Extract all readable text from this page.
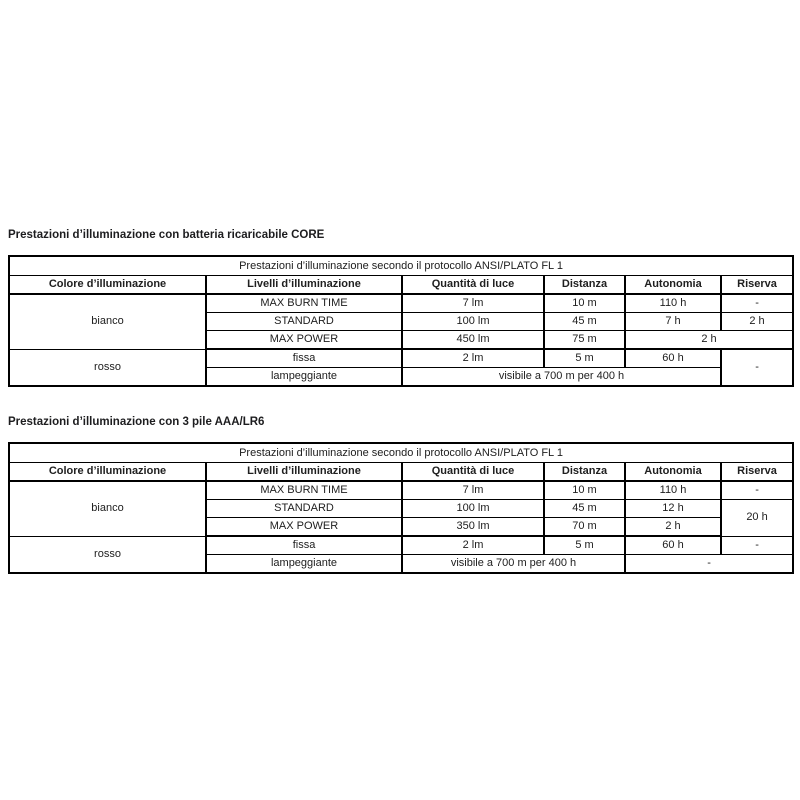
Prestazioni d’illuminazione con batteria ricaricabile CORE
Prestazioni d’illuminazione secondo il protocollo ANSI/PLATO FL 1					
Colore d’illuminazione	Livelli d’illuminazione	Quantità di luce	Distanza	Autonomia	Riserva
bianco	MAX BURN TIME	7 lm	10 m	110 h	-
	STANDARD	100 lm	45 m	7 h	2 h
	MAX POWER	450 lm	75 m	2 h	
rosso	fissa	2 lm	5 m	60 h	-
	lampeggiante	visibile a 700 m per 400 h			
Prestazioni d’illuminazione con 3 pile AAA/LR6
Prestazioni d’illuminazione secondo il protocollo ANSI/PLATO FL 1					
Colore d’illuminazione	Livelli d’illuminazione	Quantità di luce	Distanza	Autonomia	Riserva
bianco	MAX BURN TIME	7 lm	10 m	110 h	-
	STANDARD	100 lm	45 m	12 h	20 h
	MAX POWER	350 lm	70 m	2 h	
rosso	fissa	2 lm	5 m	60 h	-
	lampeggiante	visibile a 700 m per 400 h		-	
